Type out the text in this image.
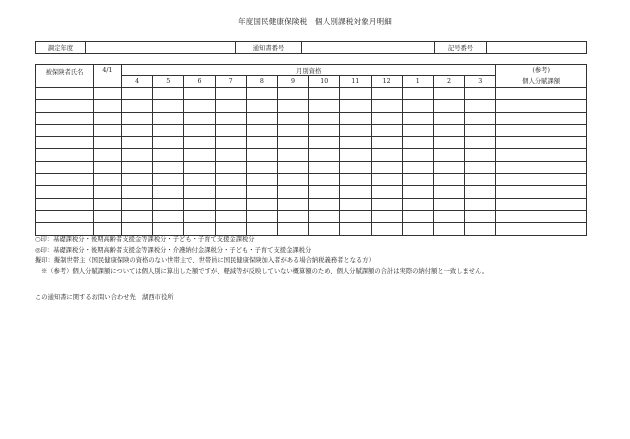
年度国民健康保険税　個人別課税対象月明細
調定年度		通知書番号		記号番号	
被保険者氏名	4/1	月別資格												(参考)
個人分賦課額

		4	5	6	7	8	9	10	11	12	1	2	3	

○印：基礎課税分・後期高齢者支援金等課税分・子ども・子育て支援金課税分
◎印：基礎課税分・後期高齢者支援金等課税分・介護納付金課税分・子ども・子育て支援金課税分
擬印：擬制世帯主（国民健康保険の資格のない世帯主で、世帯員に国民健康保険加入者がある場合納税義務者となる方）
※（参考）個人分賦課額については個人別に算出した額ですが、軽減等が反映していない概算額のため、個人分賦課額の合計は実際の納付額と一致しません。
この通知書に関するお問い合わせ先　湖西市役所
